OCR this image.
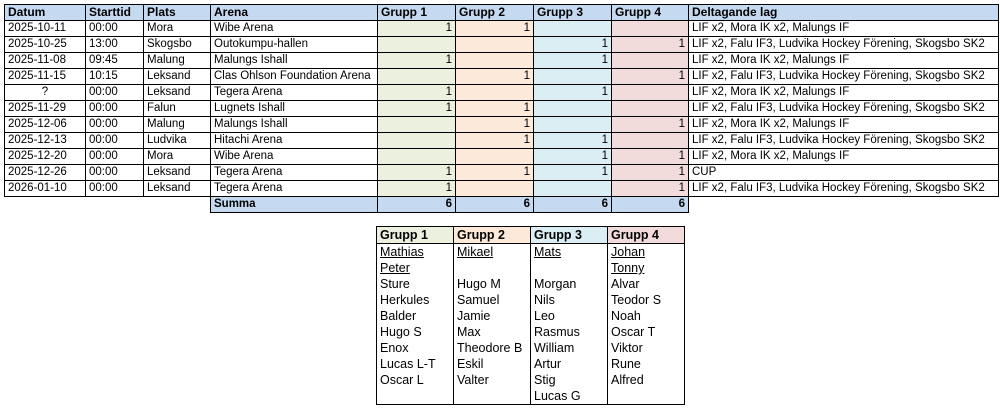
Datum	Starttid	Plats	Arena	Grupp 1	Grupp 2	Grupp 3	Grupp 4	Deltagande lag
2025-10-11	00:00	Mora	Wibe Arena	1	1			LIF x2, Mora IK x2, Malungs IF
2025-10-25	13:00	Skogsbo	Outokumpu-hallen			1	1	LIF x2, Falu IF3, Ludvika Hockey Förening, Skogsbo SK2
2025-11-08	09:45	Malung	Malungs Ishall	1		1		LIF x2, Mora IK x2, Malungs IF
2025-11-15	10:15	Leksand	Clas Ohlson Foundation Arena		1		1	LIF x2, Falu IF3, Ludvika Hockey Förening, Skogsbo SK2
?	00:00	Leksand	Tegera Arena	1		1		LIF x2, Mora IK x2, Malungs IF
2025-11-29	00:00	Falun	Lugnets Ishall	1	1			LIF x2, Falu IF3, Ludvika Hockey Förening, Skogsbo SK2
2025-12-06	00:00	Malung	Malungs Ishall		1		1	LIF x2, Mora IK x2, Malungs IF
2025-12-13	00:00	Ludvika	Hitachi Arena		1	1		LIF x2, Falu IF3, Ludvika Hockey Förening, Skogsbo SK2
2025-12-20	00:00	Mora	Wibe Arena			1	1	LIF x2, Mora IK x2, Malungs IF
2025-12-26	00:00	Leksand	Tegera Arena	1	1	1	1	CUP
2026-01-10	00:00	Leksand	Tegera Arena	1			1	LIF x2, Falu IF3, Ludvika Hockey Förening, Skogsbo SK2
			Summa	6	6	6	6	
Grupp 1	Grupp 2	Grupp 3	Grupp 4
Mathias	Mikael	Mats	Johan
Peter			Tonny
Sture	Hugo M	Morgan	Alvar
Herkules	Samuel	Nils	Teodor S
Balder	Jamie	Leo	Noah
Hugo S	Max	Rasmus	Oscar T
Enox	Theodore B	William	Viktor
Lucas L-T	Eskil	Artur	Rune
Oscar L	Valter	Stig	Alfred
		Lucas G	
